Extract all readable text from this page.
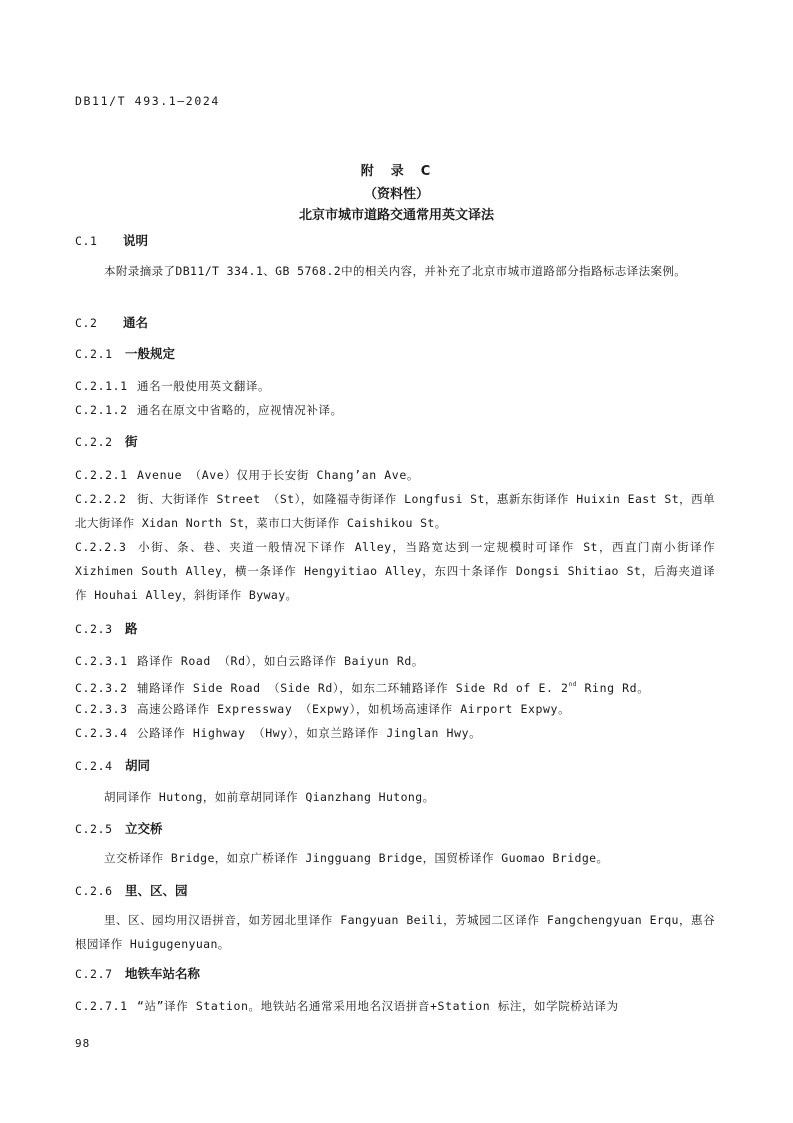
DB11/T 493.1—2024
附　录　C
（资料性）
北京市城市道路交通常用英文译法
C.1 说明
本附录摘录了DB11/T 334.1、GB 5768.2中的相关内容，并补充了北京市城市道路部分指路标志译法案例。
C.2 通名
C.2.1 一般规定
C.2.1.1 通名一般使用英文翻译。
C.2.1.2 通名在原文中省略的，应视情况补译。
C.2.2 街
C.2.2.1 Avenue （Ave）仅用于长安街 Chang’an Ave。
C.2.2.2 街、大街译作 Street （St），如隆福寺街译作 Longfusi St，惠新东街译作 Huixin East St，西单北大街译作 Xidan North St，菜市口大街译作 Caishikou St。
C.2.2.3 小街、条、巷、夹道一般情况下译作 Alley，当路宽达到一定规模时可译作 St，西直门南小街译作 Xizhimen South Alley，横一条译作 Hengyitiao Alley，东四十条译作 Dongsi Shitiao St，后海夹道译作 Houhai Alley，斜街译作 Byway。
C.2.3 路
C.2.3.1 路译作 Road （Rd），如白云路译作 Baiyun Rd。
C.2.3.2 辅路译作 Side Road （Side Rd），如东二环辅路译作 Side Rd of E. 2nd Ring Rd。
C.2.3.3 高速公路译作 Expressway （Expwy），如机场高速译作 Airport Expwy。
C.2.3.4 公路译作 Highway （Hwy），如京兰路译作 Jinglan Hwy。
C.2.4 胡同
胡同译作 Hutong，如前章胡同译作 Qianzhang Hutong。
C.2.5 立交桥
立交桥译作 Bridge，如京广桥译作 Jingguang Bridge，国贸桥译作 Guomao Bridge。
C.2.6 里、区、园
里、区、园均用汉语拼音，如芳园北里译作 Fangyuan Beili，芳城园二区译作 Fangchengyuan Erqu，惠谷根园译作 Huigugenyuan。
C.2.7 地铁车站名称
C.2.7.1 “站”译作 Station。地铁站名通常采用地名汉语拼音+Station 标注，如学院桥站译为
98
